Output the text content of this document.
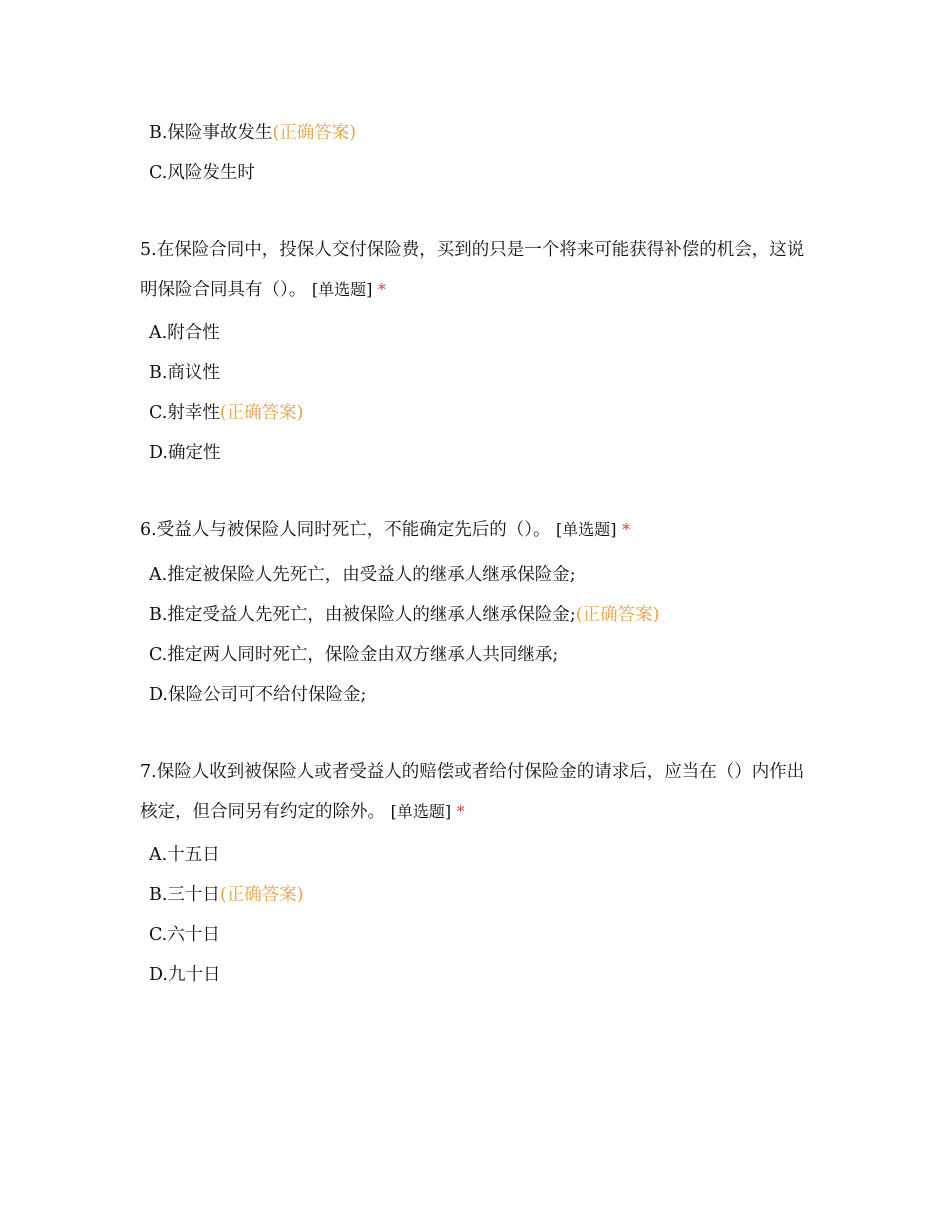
B.保险事故发生(正确答案)
C.风险发生时
5.在保险合同中，投保人交付保险费，买到的只是一个将来可能获得补偿的机会，这说明保险合同具有（）。 [单选题] *
A.附合性
B.商议性
C.射幸性(正确答案)
D.确定性
6.受益人与被保险人同时死亡，不能确定先后的（）。 [单选题] *
A.推定被保险人先死亡，由受益人的继承人继承保险金;
B.推定受益人先死亡，由被保险人的继承人继承保险金;(正确答案)
C.推定两人同时死亡，保险金由双方继承人共同继承;
D.保险公司可不给付保险金;
7.保险人收到被保险人或者受益人的赔偿或者给付保险金的请求后，应当在（）内作出核定，但合同另有约定的除外。 [单选题] *
A.十五日
B.三十日(正确答案)
C.六十日
D.九十日
